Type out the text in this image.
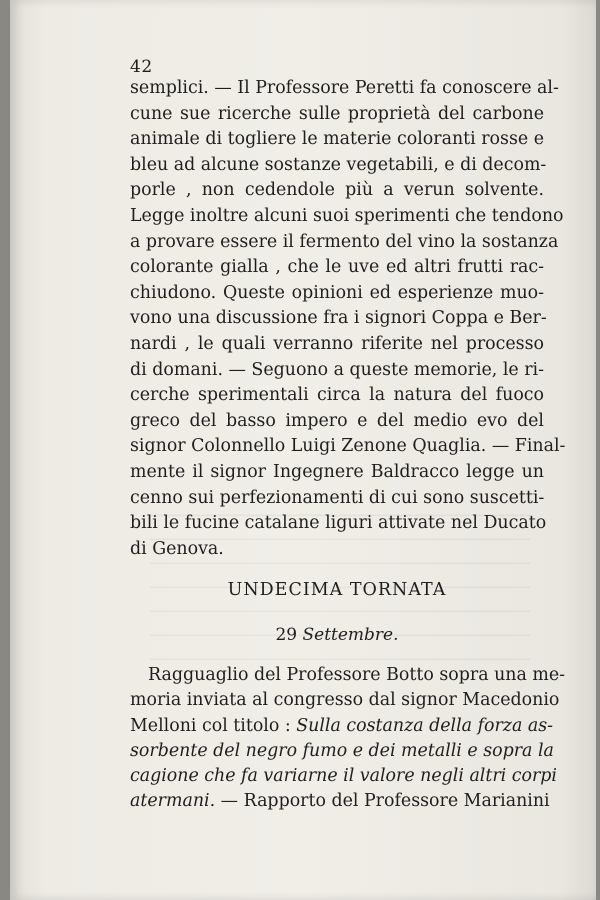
42
semplici. — Il Professore Peretti fa conoscere al-
cune sue ricerche sulle proprietà del carbone
animale di togliere le materie coloranti rosse e
bleu ad alcune sostanze vegetabili, e di decom-
porle , non cedendole più a verun solvente.
Legge inoltre alcuni suoi sperimenti che tendono
a provare essere il fermento del vino la sostanza
colorante gialla , che le uve ed altri frutti rac-
chiudono. Queste opinioni ed esperienze muo-
vono una discussione fra i signori Coppa e Ber-
nardi , le quali verranno riferite nel processo
di domani. — Seguono a queste memorie, le ri-
cerche sperimentali circa la natura del fuoco
greco del basso impero e del medio evo del
signor Colonnello Luigi Zenone Quaglia. — Final-
mente il signor Ingegnere Baldracco legge un
cenno sui perfezionamenti di cui sono suscetti-
bili le fucine catalane liguri attivate nel Ducato
di Genova.
UNDECIMA TORNATA
29 Settembre.
Ragguaglio del Professore Botto sopra una me-
moria inviata al congresso dal signor Macedonio
Melloni col titolo : Sulla costanza della forza as-
sorbente del negro fumo e dei metalli e sopra la
cagione che fa variarne il valore negli altri corpi
atermani. — Rapporto del Professore Marianini
